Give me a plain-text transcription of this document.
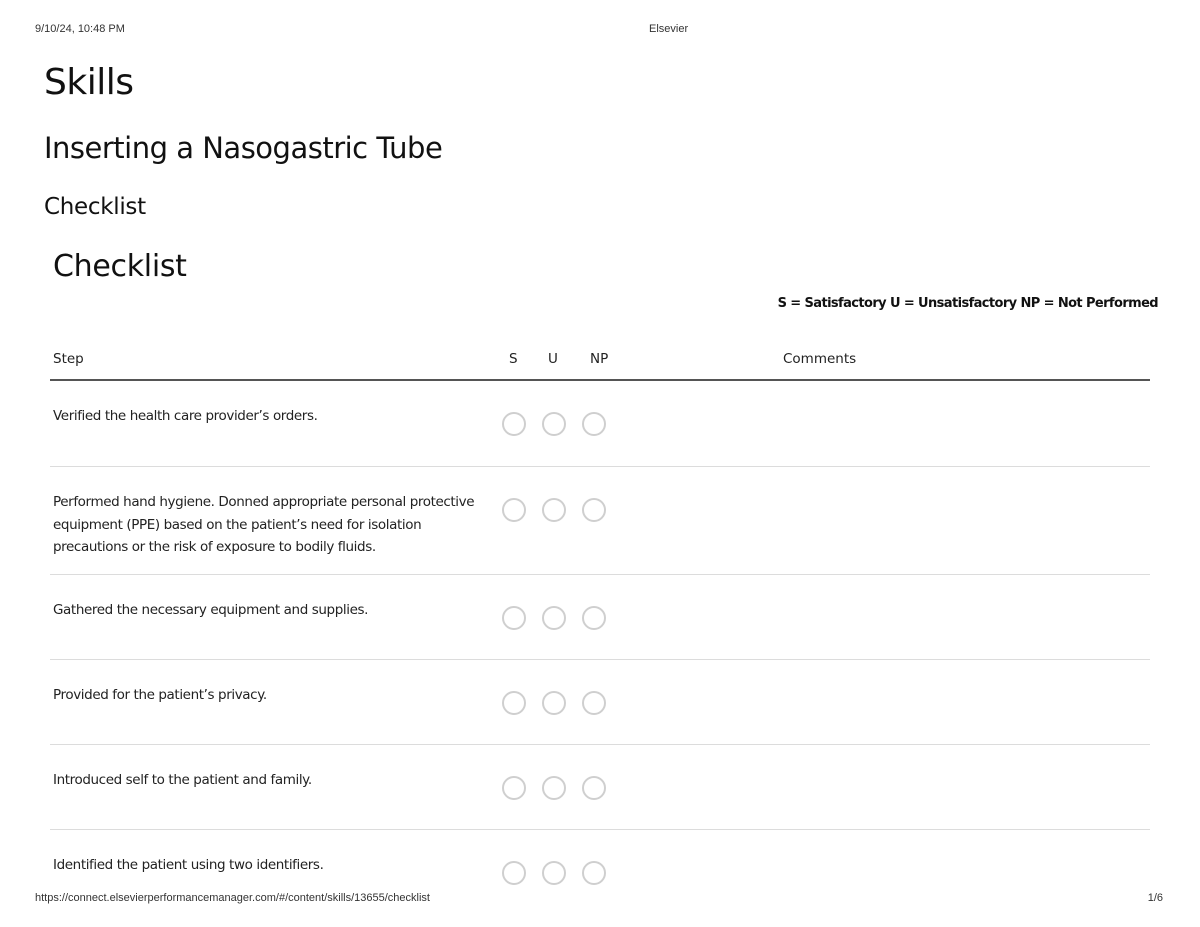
9/10/24, 10:48 PM	Elsevier
Skills
Inserting a Nasogastric Tube
Checklist
Checklist
S = Satisfactory U = Unsatisfactory NP = Not Performed
Step	S U NP	Comments
Verified the health care provider’s orders.
Performed hand hygiene. Donned appropriate personal protective equipment (PPE) based on the patient’s need for isolation precautions or the risk of exposure to bodily fluids.
Gathered the necessary equipment and supplies.
Provided for the patient’s privacy.
Introduced self to the patient and family.
Identified the patient using two identifiers.
https://connect.elsevierperformancemanager.com/#/content/skills/13655/checklist	1/6
